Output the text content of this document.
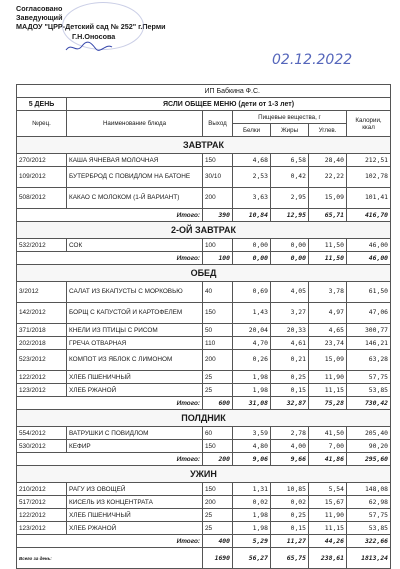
Согласовано
Заведующий
МАДОУ "ЦРР-Детский сад № 252" г.Перми
Г.Н.Оносова
02.12.2022
		ИП Бабкина Ф.С.				
5 ДЕНЬ	ЯСЛИ ОБЩЕЕ МЕНЮ (дети от 1-3 лет)					
№рец.	Наименование блюда	Выход	Пищевые вещества, г			Калории, ккал
			Белки	Жиры	Углев.	
ЗАВТРАК						
270/2012	КАША ЯЧНЕВАЯ МОЛОЧНАЯ	150	4,68	6,58	28,40	212,51
109/2012	БУТЕРБРОД С ПОВИДЛОМ НА БАТОНЕ	30/10	2,53	0,42	22,22	102,78
508/2012	КАКАО С МОЛОКОМ (1-Й ВАРИАНТ)	200	3,63	2,95	15,09	101,41
Итого:		390	10,84	12,95	65,71	416,70
2-ОЙ ЗАВТРАК						
532/2012	СОК	100	0,00	0,00	11,50	46,00
Итого:		100	0,00	0,00	11,50	46,00
ОБЕД						
3/2012	САЛАТ ИЗ БКАПУСТЫ С МОРКОВЬЮ	40	0,69	4,05	3,78	61,50
142/2012	БОРЩ С КАПУСТОЙ И КАРТОФЕЛЕМ	150	1,43	3,27	4,97	47,06
371/2018	КНЕЛИ ИЗ ПТИЦЫ С РИСОМ	50	20,04	20,33	4,65	300,77
202/2018	ГРЕЧА ОТВАРНАЯ	110	4,70	4,61	23,74	146,21
523/2012	КОМПОТ ИЗ ЯБЛОК С ЛИМОНОМ	200	0,26	0,21	15,09	63,28
122/2012	ХЛЕБ ПШЕНИЧНЫЙ	25	1,98	0,25	11,90	57,75
123/2012	ХЛЕБ РЖАНОЙ	25	1,98	0,15	11,15	53,85
Итого:		600	31,08	32,87	75,28	730,42
ПОЛДНИК						
554/2012	ВАТРУШКИ С ПОВИДЛОМ	60	3,59	2,78	41,50	205,40
530/2012	КЕФИР	150	4,80	4,00	7,00	90,20
Итого:		200	9,06	9,66	41,86	295,60
УЖИН						
210/2012	РАГУ ИЗ ОВОЩЕЙ	150	1,31	10,85	5,54	148,08
517/2012	КИСЕЛЬ ИЗ КОНЦЕНТРАТА	200	0,02	0,02	15,67	62,98
122/2012	ХЛЕБ ПШЕНИЧНЫЙ	25	1,98	0,25	11,90	57,75
123/2012	ХЛЕБ РЖАНОЙ	25	1,98	0,15	11,15	53,85
Итого:		400	5,29	11,27	44,26	322,66
Всего за день:		1690	56,27	65,75	238,61	1813,24
